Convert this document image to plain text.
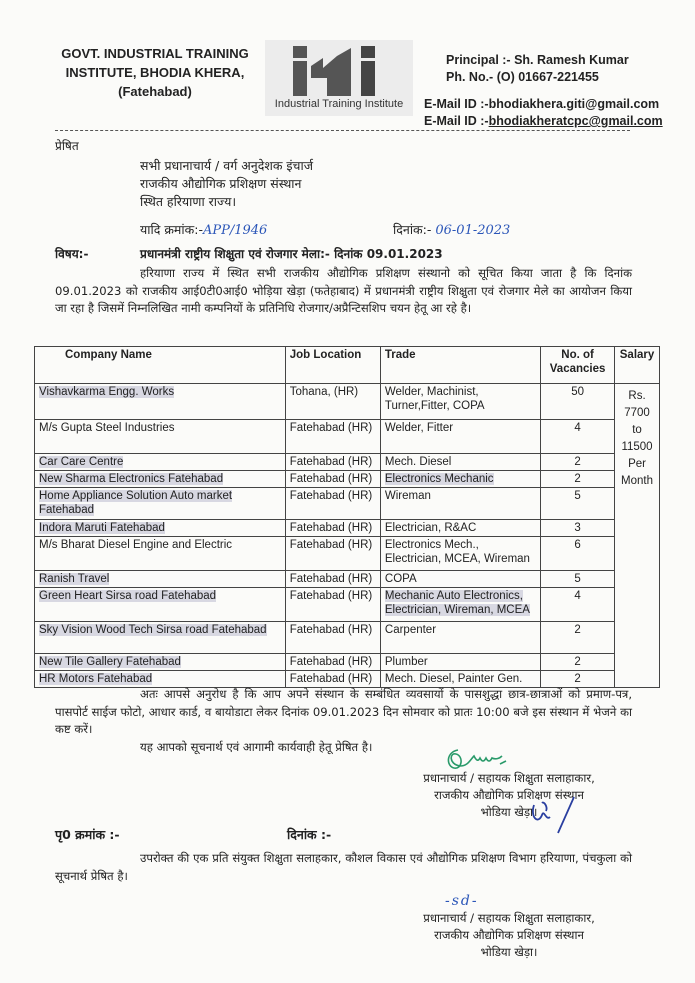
GOVT. INDUSTRIAL TRAINING
INSTITUTE, BHODIA KHERA,
(Fatehabad)
Industrial Training Institute
Principal :- Sh. Ramesh Kumar
Ph. No.- (O) 01667-221455
E-Mail ID :-bhodiakhera.giti@gmail.com
E-Mail ID :-bhodiakheratcpc@gmail.com
प्रेषित
सभी प्रधानाचार्य / वर्ग अनुदेशक इंचार्ज
राजकीय औद्योगिक प्रशिक्षण संस्थान
स्थित हरियाणा राज्य।
यादि क्रमांक:-APP/1946	दिनांक:- 06-01-2023
विषय:-	प्रधानमंत्री राष्ट्रीय शिक्षुता एवं रोजगार मेला:- दिनांक 09.01.2023
हरियाणा राज्य में स्थित सभी राजकीय औद्योगिक प्रशिक्षण संस्थानो को सूचित किया जाता है कि दिनांक 09.01.2023 को राजकीय आई0टी0आई0 भोड़िया खेड़ा (फतेहाबाद) में प्रधानमंत्री राष्ट्रीय शिक्षुता एवं रोजगार मेले का आयोजन किया जा रहा है जिसमें निम्नलिखित नामी कम्पनियों के प्रतिनिधि रोजगार/अप्रैन्टिसशिप चयन हेतू आ रहे है।
Company Name	Job Location	Trade	No. of Vacancies	Salary
Vishavkarma Engg. Works	Tohana, (HR)	Welder, Machinist, Turner,Fitter, COPA	50	Rs. 7700 to 11500 Per Month
M/s Gupta Steel Industries	Fatehabad (HR)	Welder, Fitter	4	
Car Care Centre	Fatehabad (HR)	Mech. Diesel	2	
New Sharma Electronics Fatehabad	Fatehabad (HR)	Electronics Mechanic	2	
Home Appliance Solution Auto market Fatehabad	Fatehabad (HR)	Wireman	5	
Indora Maruti Fatehabad	Fatehabad (HR)	Electrician, R&AC	3	
M/s Bharat Diesel Engine and Electric	Fatehabad (HR)	Electronics Mech., Electrician, MCEA, Wireman	6	
Ranish Travel	Fatehabad (HR)	COPA	5	
Green Heart Sirsa road Fatehabad	Fatehabad (HR)	Mechanic Auto Electronics, Electrician, Wireman, MCEA	4	
Sky Vision Wood Tech Sirsa road Fatehabad	Fatehabad (HR)	Carpenter	2	
New Tile Gallery Fatehabad	Fatehabad (HR)	Plumber	2	
HR Motors Fatehabad	Fatehabad (HR)	Mech. Diesel, Painter Gen.	2	
अतः आपसे अनुरोध है कि आप अपने संस्थान के सम्बंधित व्यवसायों के पासशुद्धा छात्र-छात्राओं को प्रमाण-पत्र, पासपोर्ट साईज फोटो, आधार कार्ड, व बायोडाटा लेकर दिनांक 09.01.2023 दिन सोमवार को प्रातः 10:00 बजे इस संस्थान में भेजने का कष्ट करें।
यह आपको सूचनार्थ एवं आगामी कार्यवाही हेतू प्रेषित है।
प्रधानाचार्य / सहायक शिक्षुता सलाहाकार,
राजकीय औद्योगिक प्रशिक्षण संस्थान
भोडिया खेड़ा।
पृ0 क्रमांक :-	दिनांक :-
उपरोक्त की एक प्रति संयुक्त शिक्षुता सलाहकार, कौशल विकास एवं औद्योगिक प्रशिक्षण विभाग हरियाणा, पंचकुला को सूचनार्थ प्रेषित है।
-sd-
प्रधानाचार्य / सहायक शिक्षुता सलाहाकार,
राजकीय औद्योगिक प्रशिक्षण संस्थान
भोडिया खेड़ा।
